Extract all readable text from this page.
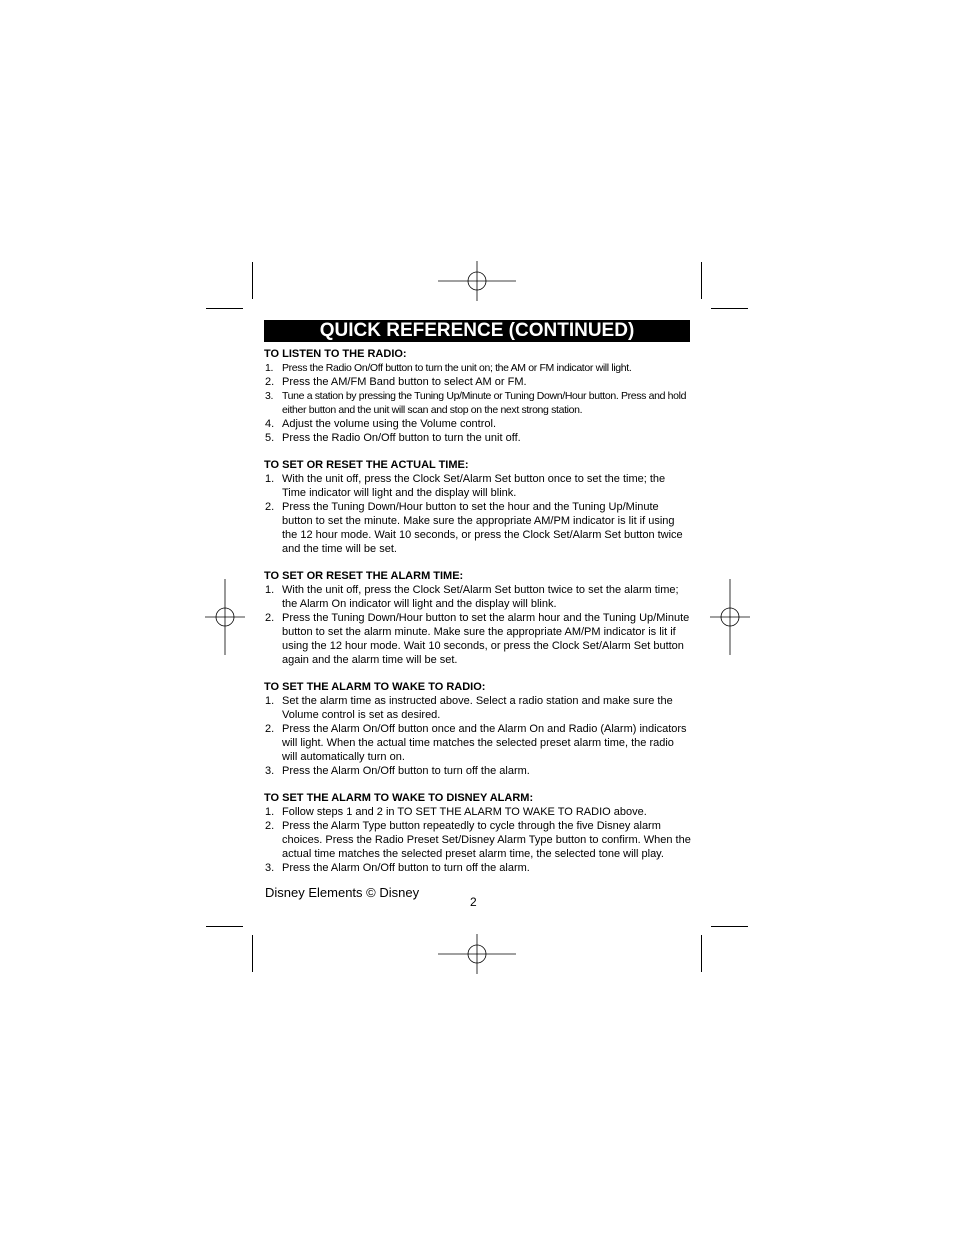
QUICK REFERENCE (CONTINUED)
TO LISTEN TO THE RADIO:
1. Press the Radio On/Off button to turn the unit on; the AM or FM indicator will light.
2. Press the AM/FM Band button to select AM or FM.
3. Tune a station by pressing the Tuning Up/Minute or Tuning Down/Hour button. Press and hold either button and the unit will scan and stop on the next strong station.
4. Adjust the volume using the Volume control.
5. Press the Radio On/Off button to turn the unit off.
TO SET OR RESET THE ACTUAL TIME:
1. With the unit off, press the Clock Set/Alarm Set button once to set the time; the Time indicator will light and the display will blink.
2. Press the Tuning Down/Hour button to set the hour and the Tuning Up/Minute button to set the minute. Make sure the appropriate AM/PM indicator is lit if using the 12 hour mode. Wait 10 seconds, or press the Clock Set/Alarm Set button twice and the time will be set.
TO SET OR RESET THE ALARM TIME:
1. With the unit off, press the Clock Set/Alarm Set button twice to set the alarm time; the Alarm On indicator will light and the display will blink.
2. Press the Tuning Down/Hour button to set the alarm hour and the Tuning Up/Minute button to set the alarm minute. Make sure the appropriate AM/PM indicator is lit if using the 12 hour mode. Wait 10 seconds, or press the Clock Set/Alarm Set button again and the alarm time will be set.
TO SET THE ALARM TO WAKE TO RADIO:
1. Set the alarm time as instructed above. Select a radio station and make sure the Volume control is set as desired.
2. Press the Alarm On/Off button once and the Alarm On and Radio (Alarm) indicators will light. When the actual time matches the selected preset alarm time, the radio will automatically turn on.
3. Press the Alarm On/Off button to turn off the alarm.
TO SET THE ALARM TO WAKE TO DISNEY ALARM:
1. Follow steps 1 and 2 in TO SET THE ALARM TO WAKE TO RADIO above.
2. Press the Alarm Type button repeatedly to cycle through the five Disney alarm choices. Press the Radio Preset Set/Disney Alarm Type button to confirm. When the actual time matches the selected preset alarm time, the selected tone will play.
3. Press the Alarm On/Off button to turn off the alarm.
Disney Elements © Disney
2
